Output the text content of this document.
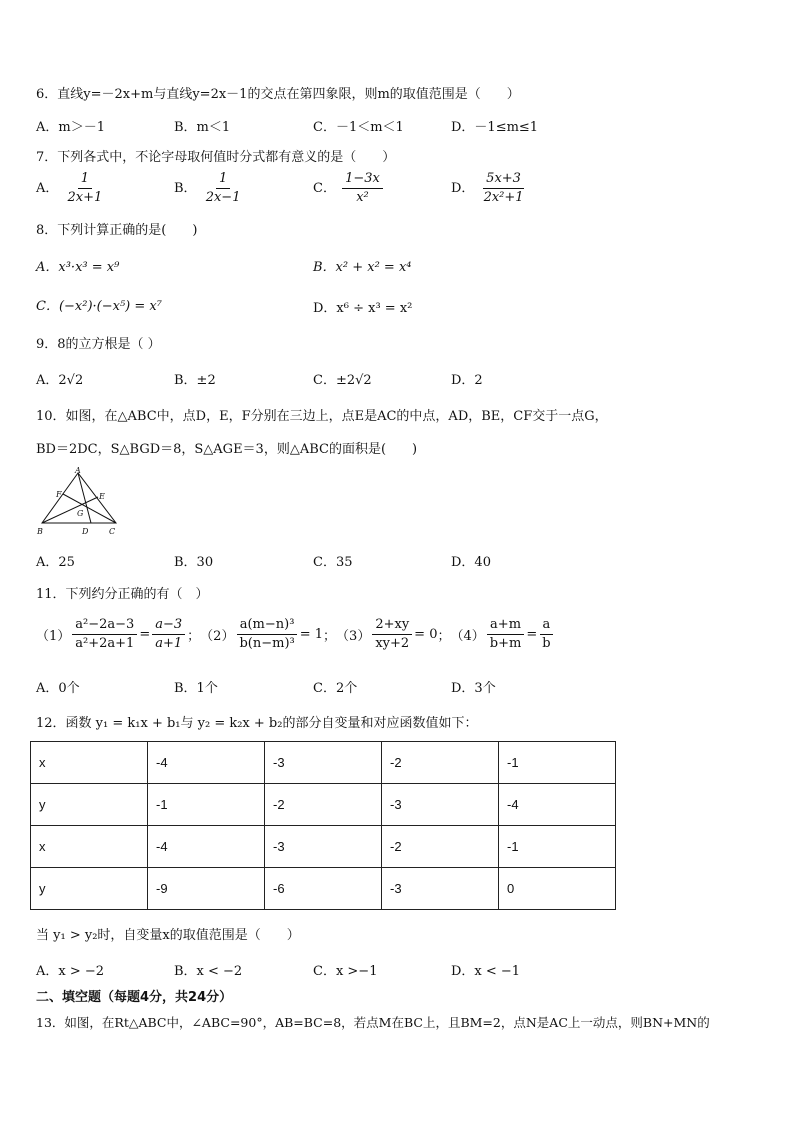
6．直线y=－2x+m与直线y=2x－1的交点在第四象限，则m的取值范围是（　　）
A．m＞－1	B．m＜1	C．－1＜m＜1	D．－1≤m≤1
7．下列各式中，不论字母取何值时分式都有意义的是（　　）
A． $\frac{1}{2x+1}$	B． $\frac{1}{2x-1}$	C． $\frac{1-3x}{\text{x²}}$	D． $\frac{5x+3}{\text{2x²+1}}$
8．下列计算正确的是(　　)
A．x³·x³ = x⁹	B．x² + x² = x⁴
C．(−x²)·(−x⁵) = x⁷	D．x⁶ ÷ x³ = x²
9．8的立方根是（ ）
A．2√2	B．±2	C．±2√2	D．2
10．如图，在△ABC中，点D，E，F分别在三边上，点E是AC的中点，AD，BE，CF交于一点G，
BD＝2DC，S△BGD＝8，S△AGE＝3，则△ABC的面积是(　　)
A
F	E
G
B	D	C
A．25	B．30	C．35	D．40
11．下列约分正确的有（　）
$(1) \frac{\text{a²−2a−3}}{\text{a²+2a+1}} = \frac{a-3}{a+1}$ ； $(2) \frac{\text{a(m−n)³}}{\text{b(n−m)³}} = 1$ ； $(3) \frac{2+xy}{xy+2} = 0$ ； $(4) \frac{a+m}{b+m} = \frac{a}{b}$
A．0个	B．1个	C．2个	D．3个
12．函数 y₁ = k₁x + b₁与 y₂ = k₂x + b₂的部分自变量和对应函数值如下：
x	-4	-3	-2	-1
y	-1	-2	-3	-4
x	-4	-3	-2	-1
y	-9	-6	-3	0
当 y₁ > y₂时，自变量x的取值范围是（　　）
A．x > −2	B．x < −2	C．x >−1	D．x < −1
二、填空题（每题4分，共24分）
13．如图，在Rt△ABC中，∠ABC=90°，AB=BC=8，若点M在BC上，且BM=2，点N是AC上一动点，则BN+MN的
